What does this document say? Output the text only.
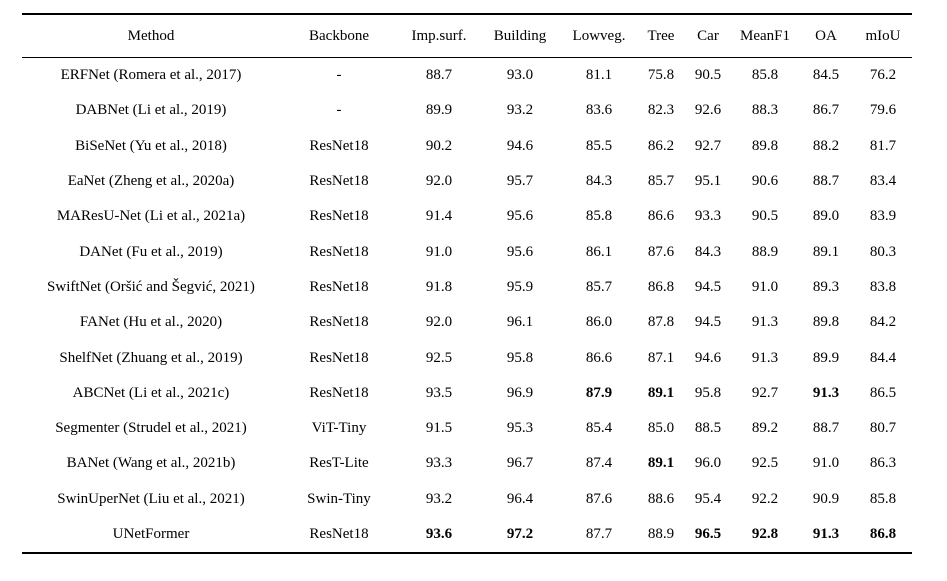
Method	Backbone	Imp.surf.	Building	Lowveg.	Tree	Car	MeanF1	OA	mIoU
ERFNet (Romera et al., 2017)	-	88.7	93.0	81.1	75.8	90.5	85.8	84.5	76.2
DABNet (Li et al., 2019)	-	89.9	93.2	83.6	82.3	92.6	88.3	86.7	79.6
BiSeNet (Yu et al., 2018)	ResNet18	90.2	94.6	85.5	86.2	92.7	89.8	88.2	81.7
EaNet (Zheng et al., 2020a)	ResNet18	92.0	95.7	84.3	85.7	95.1	90.6	88.7	83.4
MAResU-Net (Li et al., 2021a)	ResNet18	91.4	95.6	85.8	86.6	93.3	90.5	89.0	83.9
DANet (Fu et al., 2019)	ResNet18	91.0	95.6	86.1	87.6	84.3	88.9	89.1	80.3
SwiftNet (Oršić and Šegvić, 2021)	ResNet18	91.8	95.9	85.7	86.8	94.5	91.0	89.3	83.8
FANet (Hu et al., 2020)	ResNet18	92.0	96.1	86.0	87.8	94.5	91.3	89.8	84.2
ShelfNet (Zhuang et al., 2019)	ResNet18	92.5	95.8	86.6	87.1	94.6	91.3	89.9	84.4
ABCNet (Li et al., 2021c)	ResNet18	93.5	96.9	87.9	89.1	95.8	92.7	91.3	86.5
Segmenter (Strudel et al., 2021)	ViT-Tiny	91.5	95.3	85.4	85.0	88.5	89.2	88.7	80.7
BANet (Wang et al., 2021b)	ResT-Lite	93.3	96.7	87.4	89.1	96.0	92.5	91.0	86.3
SwinUperNet (Liu et al., 2021)	Swin-Tiny	93.2	96.4	87.6	88.6	95.4	92.2	90.9	85.8
UNetFormer	ResNet18	93.6	97.2	87.7	88.9	96.5	92.8	91.3	86.8
